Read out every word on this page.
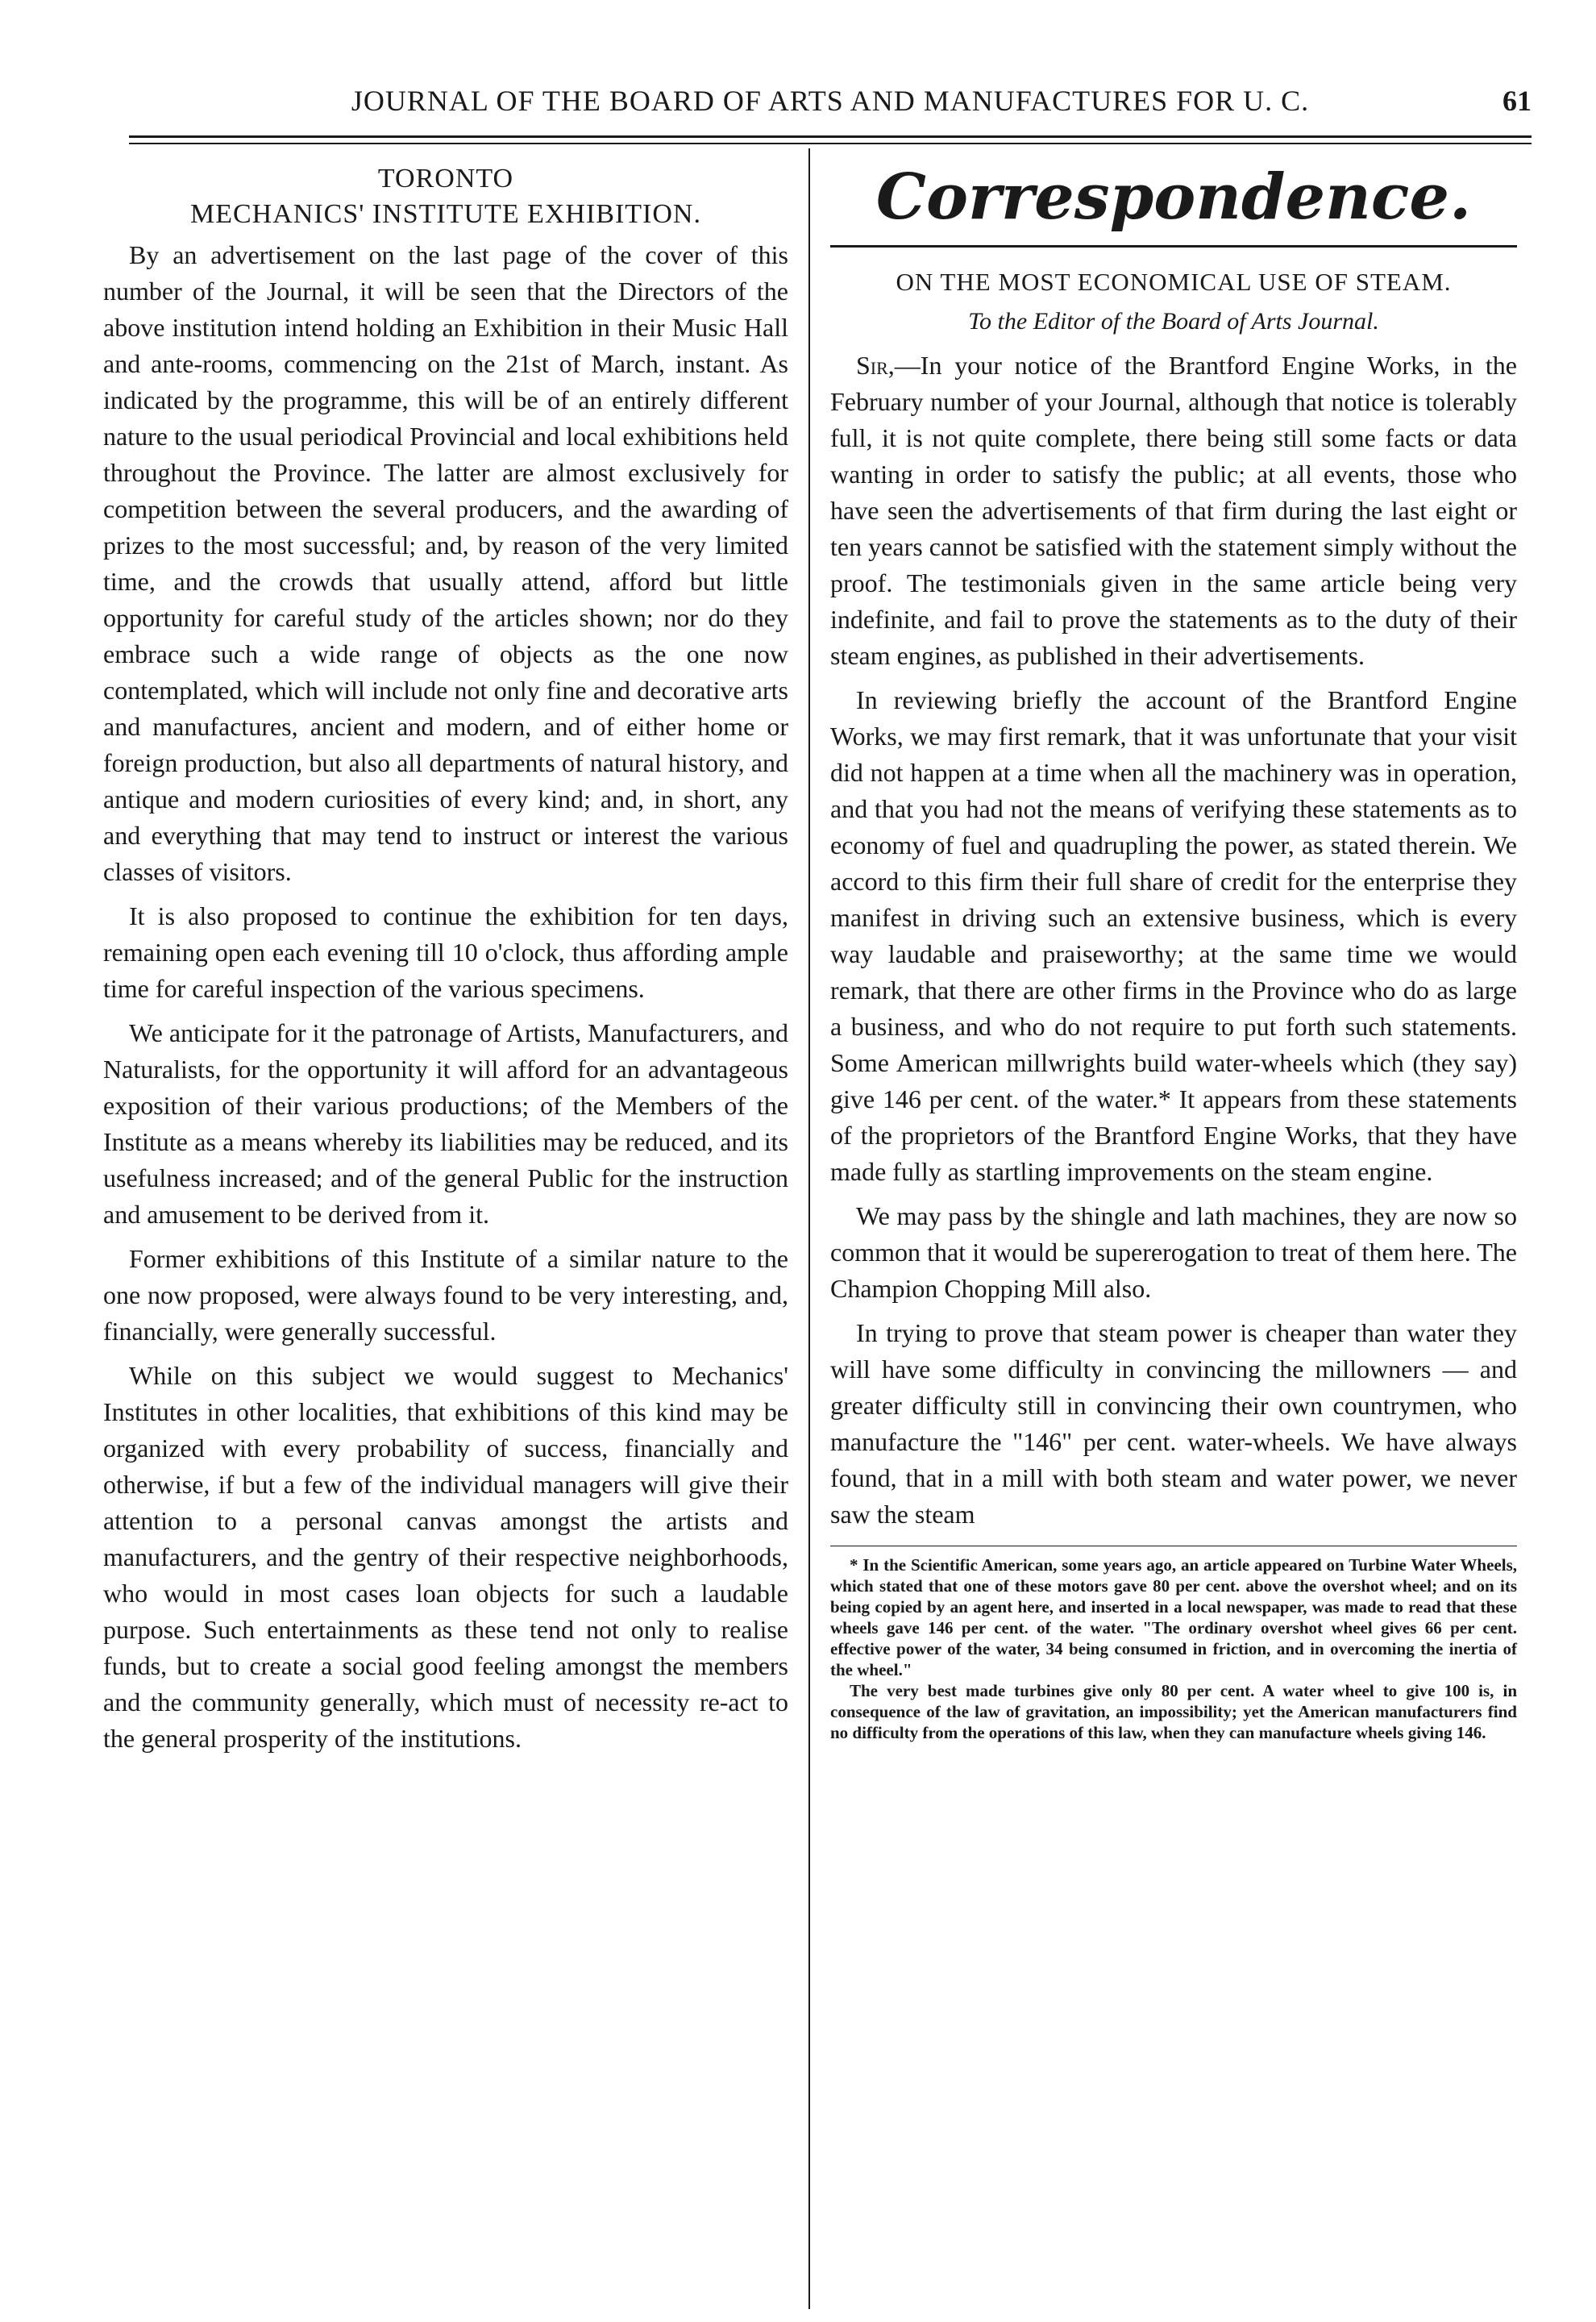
JOURNAL OF THE BOARD OF ARTS AND MANUFACTURES FOR U. C.	61
TORONTO
MECHANICS' INSTITUTE EXHIBITION.

By an advertisement on the last page of the cover of this number of the Journal, it will be seen that the Directors of the above institution intend holding an Exhibition in their Music Hall and ante-rooms, commencing on the 21st of March, instant. As indicated by the programme, this will be of an entirely different nature to the usual periodical Provincial and local exhibitions held throughout the Province. The latter are almost exclusively for competition between the several producers, and the awarding of prizes to the most successful; and, by reason of the very limited time, and the crowds that usually attend, afford but little opportunity for careful study of the articles shown; nor do they embrace such a wide range of objects as the one now contemplated, which will include not only fine and decorative arts and manufactures, ancient and modern, and of either home or foreign production, but also all departments of natural history, and antique and modern curiosities of every kind; and, in short, any and everything that may tend to instruct or interest the various classes of visitors.

It is also proposed to continue the exhibition for ten days, remaining open each evening till 10 o'clock, thus affording ample time for careful inspection of the various specimens.

We anticipate for it the patronage of Artists, Manufacturers, and Naturalists, for the opportunity it will afford for an advantageous exposition of their various productions; of the Members of the Institute as a means whereby its liabilities may be reduced, and its usefulness increased; and of the general Public for the instruction and amusement to be derived from it.

Former exhibitions of this Institute of a similar nature to the one now proposed, were always found to be very interesting, and, financially, were generally successful.

While on this subject we would suggest to Mechanics' Institutes in other localities, that exhibitions of this kind may be organized with every probability of success, financially and otherwise, if but a few of the individual managers will give their attention to a personal canvas amongst the artists and manufacturers, and the gentry of their respective neighborhoods, who would in most cases loan objects for such a laudable purpose. Such entertainments as these tend not only to realise funds, but to create a social good feeling amongst the members and the community generally, which must of necessity re-act to the general prosperity of the institutions.

Correspondence.
ON THE MOST ECONOMICAL USE OF STEAM.
To the Editor of the Board of Arts Journal.

Sir,—In your notice of the Brantford Engine Works, in the February number of your Journal, although that notice is tolerably full, it is not quite complete, there being still some facts or data wanting in order to satisfy the public; at all events, those who have seen the advertisements of that firm during the last eight or ten years cannot be satisfied with the statement simply without the proof. The testimonials given in the same article being very indefinite, and fail to prove the statements as to the duty of their steam engines, as published in their advertisements.

In reviewing briefly the account of the Brantford Engine Works, we may first remark, that it was unfortunate that your visit did not happen at a time when all the machinery was in operation, and that you had not the means of verifying these statements as to economy of fuel and quadrupling the power, as stated therein. We accord to this firm their full share of credit for the enterprise they manifest in driving such an extensive business, which is every way laudable and praiseworthy; at the same time we would remark, that there are other firms in the Province who do as large a business, and who do not require to put forth such statements. Some American millwrights build water-wheels which (they say) give 146 per cent. of the water.* It appears from these statements of the proprietors of the Brantford Engine Works, that they have made fully as startling improvements on the steam engine.

We may pass by the shingle and lath machines, they are now so common that it would be supererogation to treat of them here. The Champion Chopping Mill also.

In trying to prove that steam power is cheaper than water they will have some difficulty in convincing the millowners — and greater difficulty still in convincing their own countrymen, who manufacture the "146" per cent. water-wheels. We have always found, that in a mill with both steam and water power, we never saw the steam

* In the Scientific American, some years ago, an article appeared on Turbine Water Wheels, which stated that one of these motors gave 80 per cent. above the overshot wheel; and on its being copied by an agent here, and inserted in a local newspaper, was made to read that these wheels gave 146 per cent. of the water. "The ordinary overshot wheel gives 66 per cent. effective power of the water, 34 being consumed in friction, and in overcoming the inertia of the wheel."

The very best made turbines give only 80 per cent. A water wheel to give 100 is, in consequence of the law of gravitation, an impossibility; yet the American manufacturers find no difficulty from the operations of this law, when they can manufacture wheels giving 146.
